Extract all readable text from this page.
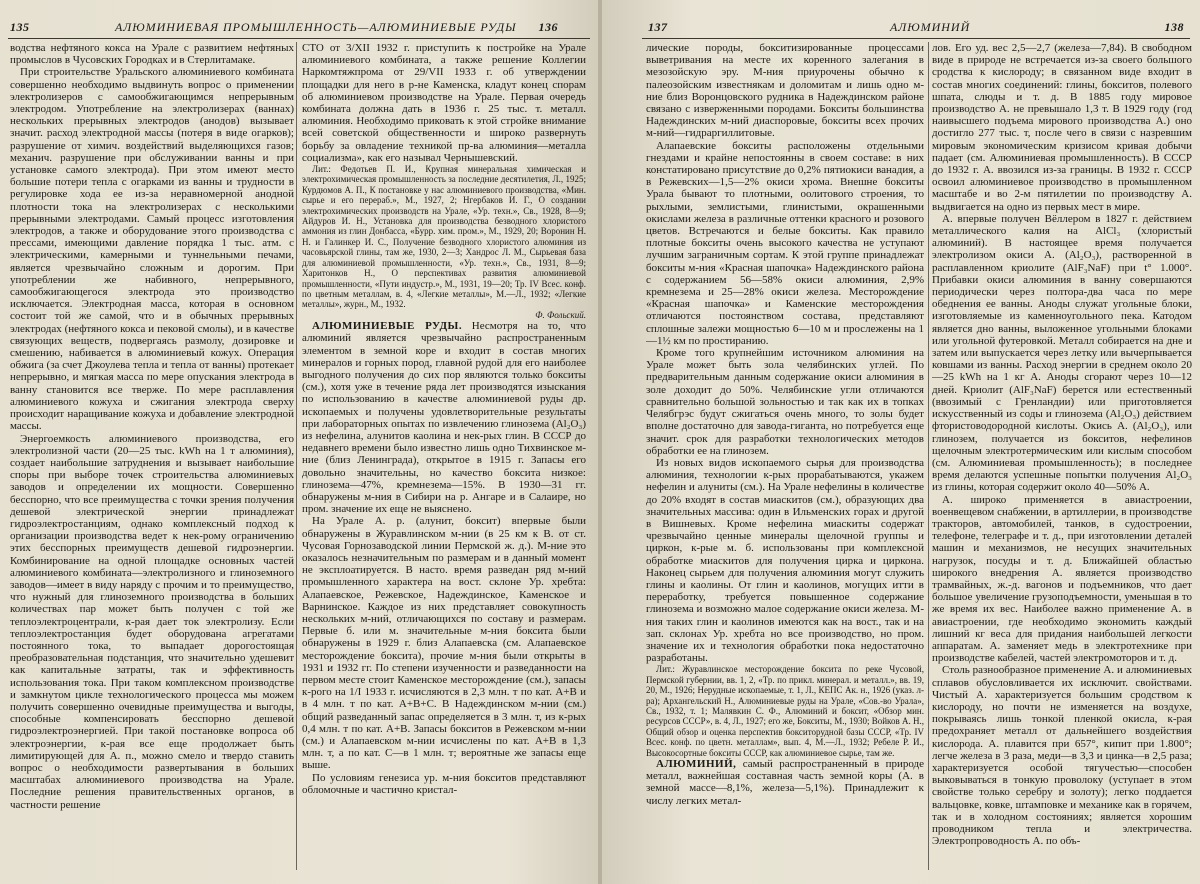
135	АЛЮМИНИЕВАЯ ПРОМЫШЛЕННОСТЬ—АЛЮМИНИЕВЫЕ РУДЫ 136

водства нефтяного кокса на Урале с развитием нефтяных промыслов в Чусовских Городках и в Стерлитамаке.

При строительстве Уральского алюминиевого комбината совершенно необходимо выдвинуть вопрос о применении электролизеров с самообжигающимся непрерывным электродом. Употребление на электролизерах (ваннах) нескольких прерывных электродов (анодов) вызывает значит. расход электродной массы (потеря в виде огарков); разрушение от химич. воздействий выделяющихся газов; механич. разрушение при обслуживании ванны и при установке самого электрода). При этом имеют место большие потери тепла с огарками из ванны и трудности в регулировке хода ее из-за неравномерной анодной плотности тока на электролизерах с несколькими прерывными электродами. Самый процесс изготовления электродов, а также и оборудование этого производства с прессами, имеющими давление порядка 1 тыс. атм. с электрическими, камерными и туннельными печами, является чрезвычайно сложным и дорогим. При употреблении же набивного, непрерывного, самообжигающегося электрода это производство исключается. Электродная масса, которая в основном состоит той же самой, что и в обычных прерывных электродах (нефтяного кокса и пековой смолы), и в качестве связующих веществ, подвергаясь размолу, дозировке и смешению, набивается в алюминиевый кожух. Операция обжига (за счет Джоулева тепла и тепла от ванны) протекает непрерывно, и мягкая масса по мере опускания электрода в ванну становится все тверже. По мере расплавления алюминиевого кожуха и сжигания электрода сверху происходит наращивание кожуха и добавление электродной массы.

Энергоемкость алюминиевого производства, его электролизной части (20—25 тыс. kWh на 1 т алюминия), создает наибольшие затруднения и вызывает наибольшие споры при выборе точек строительства алюминиевых заводов и определении их мощности. Совершенно бесспорно, что все преимущества с точки зрения получения дешевой электрической энергии принадлежат гидроэлектростанциям, однако комплексный подход к организации производства ведет к нек-рому ограничению этих бесспорных преимуществ дешевой гидроэнергии. Комбинирование на одной площадке основных частей алюминиевого комбината—электролизного и глиноземного заводов—имеет в виду наряду с прочим и то преимущество, что нужный для глиноземного производства в больших количествах пар может быть получен с той же теплоэлектроцентрали, к-рая дает ток электролизу. Если теплоэлектростанция будет оборудована агрегатами постоянного тока, то выпадает дорогостоящая преобразовательная подстанция, что значительно удешевит как капитальные затраты, так и эффективность использования тока. При таком комплексном производстве и замкнутом цикле технологического процесса мы можем получить совершенно очевидные преимущества и выгоды, способные компенсировать бесспорно дешевой гидроэлектроэнергией. При такой постановке вопроса об электроэнергии, к-рая все еще продолжает быть лимитирующей для А. п., можно смело и твердо ставить вопрос о необходимости развертывания в больших масштабах алюминиевого производства на Урале. Последние решения правительственных органов, в частности решение

СТО от 3/XII 1932 г. приступить к постройке на Урале алюминиевого комбината, а также решение Коллегии Наркомтяжпрома от 29/VII 1933 г. об утверждении площадки для него в р-не Каменска, кладут конец спорам об алюминиевом производстве на Урале. Первая очередь комбината должна дать в 1936 г. 25 тыс. т. металл. алюминия. Необходимо приковать к этой стройке внимание всей советской общественности и широко развернуть борьбу за овладение техникой пр-ва алюминия—металла социализма», как его называл Чернышевский.

Лит.: Федотьев П. И., Крупная минеральная химическая и электрохимическая промышленность за последние десятилетия, Л., 1925; Курдюмов А. П., К постановке у нас алюминиевого производства, «Мин. сырье и его перераб.», М., 1927, 2; Нгербаков И. Г., О создании электрохимических производств на Урале, «Ур. техн.», Св., 1928, 8—9; Айдуров И. Н., Установка для производства безводного хлористого аммония из глин Донбасса, «Бурр. хим. пром.», М., 1929, 20; Воронин Н. Н. и Галинкер И. С., Получение безводного хлористого алюминия из часовьярской глины, там же, 1930, 2—3; Хандрос Л. М., Сырьевая база для алюминиевой промышленности, «Ур. техн.», Св., 1931, 8—9; Харитонков Н., О перспективах развития алюминиевой промышленности, «Пути индустр.», М., 1931, 19—20; Тр. IV Всес. конф. по цветным металлам, в. 4, «Легкие металлы», М.—Л., 1932; «Легкие металлы», журн., М., 1932.

Ф. Фольский.

АЛЮМИНИЕВЫЕ РУДЫ. Несмотря на то, что алюминий является чрезвычайно распространенным элементом в земной коре и входит в состав многих минералов и горных пород, главной рудой для его наиболее выгодного получения до сих пор являются только бокситы (см.), хотя уже в течение ряда лет производятся изыскания по использованию в качестве алюминиевой руды др. ископаемых и получены удовлетворительные результаты при лабораторных опытах по извлечению глинозема (Al₂O₃) из нефелина, алунитов каолина и нек-рых глин. В СССР до недавнего времени было известно лишь одно Тихвинское м-ние (близ Ленинграда), открытое в 1915 г. Запасы его довольно значительны, но качество боксита низкое: глинозема—47%, кремнезема—15%. В 1930—31 гг. обнаружены м-ния в Сибири на р. Ангаре и в Салаире, но пром. значение их еще не выяснено.

На Урале А. р. (алунит, боксит) впервые были обнаружены в Журавлинском м-нии (в 25 км к В. от ст. Чусовая Горнозаводской линии Пермской ж. д.). М-ние это оказалось незначительным по размерам и в данный момент не эксплоатируется. В насто. время разведан ряд м-ний промышленного характера на вост. склоне Ур. хребта: Алапаевское, Режевское, Надеждинское, Каменское и Варнинское. Каждое из них представляет совокупность нескольких м-ний, отличающихся по составу и размерам. Первые б. или м. значительные м-ния боксита были обнаружены в 1929 г. близ Алапаевска (см. Алапаевское месторождение боксита), прочие м-ния были открыты в 1931 и 1932 гг. По степени изученности и разведанности на первом месте стоит Каменское месторождение (см.), запасы к-рого на 1/I 1933 г. исчисляются в 2,3 млн. т по кат. А+В и в 4 млн. т по кат. А+В+С. В Надеждинском м-нии (см.) общий разведанный запас определяется в 3 млн. т, из к-рых 0,4 млн. т по кат. А+В. Запасы бокситов в Режевском м-нии (см.) и Алапаевском м-нии исчислены по кат. А+В в 1,3 млн. т, а по кат. С—в 1 млн. т; вероятные же запасы еще выше.

По условиям генезиса ур. м-ния бокситов представляют обломочные и частично кристал-

137	АЛЮМИНИЙ	138

лические породы, бокситизированные процессами выветривания на месте их коренного залегания в мезозойскую эру. М-ния приурочены обычно к палеозойским известнякам и доломитам и лишь одно м-ние близ Воронцовского рудника в Надеждинском районе связано с изверженными породами. Бокситы большинства Надеждинских м-ний диаспоровые, бокситы всех прочих м-ний—гидраргиллитовые.

Алапаевские бокситы расположены отдельными гнездами и крайне непостоянны в своем составе: в них констатировано присутствие до 0,2% пятиокиси ванадия, а в Режевских—1,5—2% окиси хрома. Внешне бокситы Урала бывают то плотными, оолитового строения, то рыхлыми, землистыми, глинистыми, окрашенными окислами железа в различные оттенки красного и розового цветов. Встречаются и белые бокситы. Как правило плотные бокситы очень высокого качества не уступают лучшим заграничным сортам. К этой группе принадлежат бокситы м-ния «Красная шапочка» Надеждинского района с содержанием 56—58% окиси алюминия, 2,9% кремнезема и 25—28% окиси железа. Месторождение «Красная шапочка» и Каменские месторождения отличаются постоянством состава, представляют сплошные залежи мощностью 6—10 м и прослежены на 1—1½ км по простиранию.

Кроме того крупнейшим источником алюминия на Урале может быть зола челябинских углей. По предварительным данным содержание окиси алюминия в золе доходит до 50%. Челябинские угли отличаются сравнительно большой зольностью и так как их в топках Челябгрэс будут сжигаться очень много, то золы будет вполне достаточно для завода-гиганта, но потребуется еще значит. срок для разработки технологических методов обработки ее на глинозем.

Из новых видов ископаемого сырья для производства алюминия, технологии к-рых прорабатываются, укажем нефелин и алуниты (см.). На Урале нефелины в количестве до 20% входят в состав миаскитов (см.), образующих два значительных массива: один в Ильменских горах и другой в Вишневых. Кроме нефелина миаскиты содержат чрезвычайно ценные минералы щелочной группы и циркон, к-рые м. б. использованы при комплексной обработке миаскитов для получения цирка и циркона. Наконец сырьем для получения алюминия могут служить глины и каолины. От глин и каолинов, могущих итти в переработку, требуется повышенное содержание глинозема и возможно малое содержание окиси железа. М-ния таких глин и каолинов имеются как на вост., так и на зап. склонах Ур. хребта но все производство, но пром. значение их и технология обработки пока недостаточно разработаны.

Лит.: Журавлинское месторождение боксита по реке Чусовой, Пермской губернии, вв. 1, 2, «Тр. по прикл. минерал. и металл.», вв. 19, 20, М., 1926; Нерудные ископаемые, т. 1, Л., КЕПС Ак. н., 1926 (указ. л-ра); Архангельский Н., Алюминиевые руды на Урале, «Сов.-во Урала», Св., 1932, т. 1; Малявкин С. Ф., Алюминий и боксит, «Обзор мин. ресурсов СССР», в. 4, Л., 1927; его же, Бокситы, М., 1930; Войков А. Н., Общий обзор и оценка перспектив бокситорудной базы СССР, «Тр. IV Всес. конф. по цветн. металлам», вып. 4, М.—Л., 1932; Ребеле Р. И., Высокосортные бокситы СССР, как алюминиевое сырье, там же.

АЛЮМИНИЙ, самый распространенный в природе металл, важнейшая составная часть земной коры (А. в земной массе—8,1%, железа—5,1%). Принадлежит к числу легких метал-

лов. Его уд. вес 2,5—2,7 (железа—7,84). В свободном виде в природе не встречается из-за своего большого сродства к кислороду; в связанном виде входит в состав многих соединений: глины, бокситов, полевого шпата, слюды и т. д. В 1885 году мировое производство А. не превышало 1,3 т. В 1929 году (год наивысшего подъема мирового производства А.) оно достигло 277 тыс. т, после чего в связи с назревшим мировым экономическим кризисом кривая добычи падает (см. Алюминиевая промышленность). В СССР до 1932 г. А. ввозился из-за границы. В 1932 г. СССР освоил алюминиевое производство в промышленном масштабе и во 2-м пятилетии по производству А. выдвигается на одно из первых мест в мире.

А. впервые получен Вёллером в 1827 г. действием металлического калия на AlCl₃ (хлористый алюминий). В настоящее время получается электролизом окиси А. (Al₂O₃), растворенной в расплавленном криолите (AlF₃NaF) при t° 1.000°. Прибавки окиси алюминия в ванну совершаются периодически через полтора-два часа по мере обеднения ее ванны. Аноды служат угольные блоки, изготовляемые из каменноугольного пека. Катодом является дно ванны, выложенное угольными блоками или угольной футеровкой. Металл собирается на дне и затем или выпускается через летку или вычерпывается ковшами из ванны. Расход энергии в среднем около 20—25 kWh на 1 кг А. Аноды сгорают через 10—12 дней. Криолит (AlF₃NaF) берется или естественный (ввозимый с Гренландии) или приготовляется искусственный из соды и глинозема (Al₂O₃) действием фтористоводородной кислоты. Окись А. (Al₂O₃), или глинозем, получается из бокситов, нефелинов щелочным электротермическим или кислым способом (см. Алюминиевая промышленность); в последнее время делаются успешные попытки получения Al₂O₃ из глины, которая содержит около 40—50% А.

А. широко применяется в авиастроении, военвещевом снабжении, в артиллерии, в производстве тракторов, автомобилей, танков, в судостроении, телефоне, телеграфе и т. д., при изготовлении деталей машин и механизмов, не несущих значительных нагрузок, посуды и т. д. Ближайшей областью широкого внедрения А. является производство трамвайных, ж.-д. вагонов и подъемников, что дает большое увеличение грузоподъемности, уменьшая в то же время их вес. Наиболее важно применение А. в авиастроении, где необходимо экономить каждый лишний кг веса для придания наибольшей легкости аппаратам. А. заменяет медь в электротехнике при производстве кабелей, частей электромоторов и т. д.

Столь разнообразное применение А. и алюминиевых сплавов обусловливается их исключит. свойствами. Чистый А. характеризуется большим сродством к кислороду, но почти не изменяется на воздухе, покрываясь лишь тонкой пленкой окисла, к-рая предохраняет металл от дальнейшего воздействия кислорода. А. плавится при 657°, кипит при 1.800°; легче железа в 3 раза, меди—в 3,3 и цинка—в 2,5 раза; характеризуется особой тягучестью—способен выковываться в тонкую проволоку (уступает в этом свойстве только серебру и золоту); легко поддается вальцовке, ковке, штамповке и механике как в горячем, так и в холодном состояниях; является хорошим проводником тепла и электричества. Электропроводность А. по объ-
